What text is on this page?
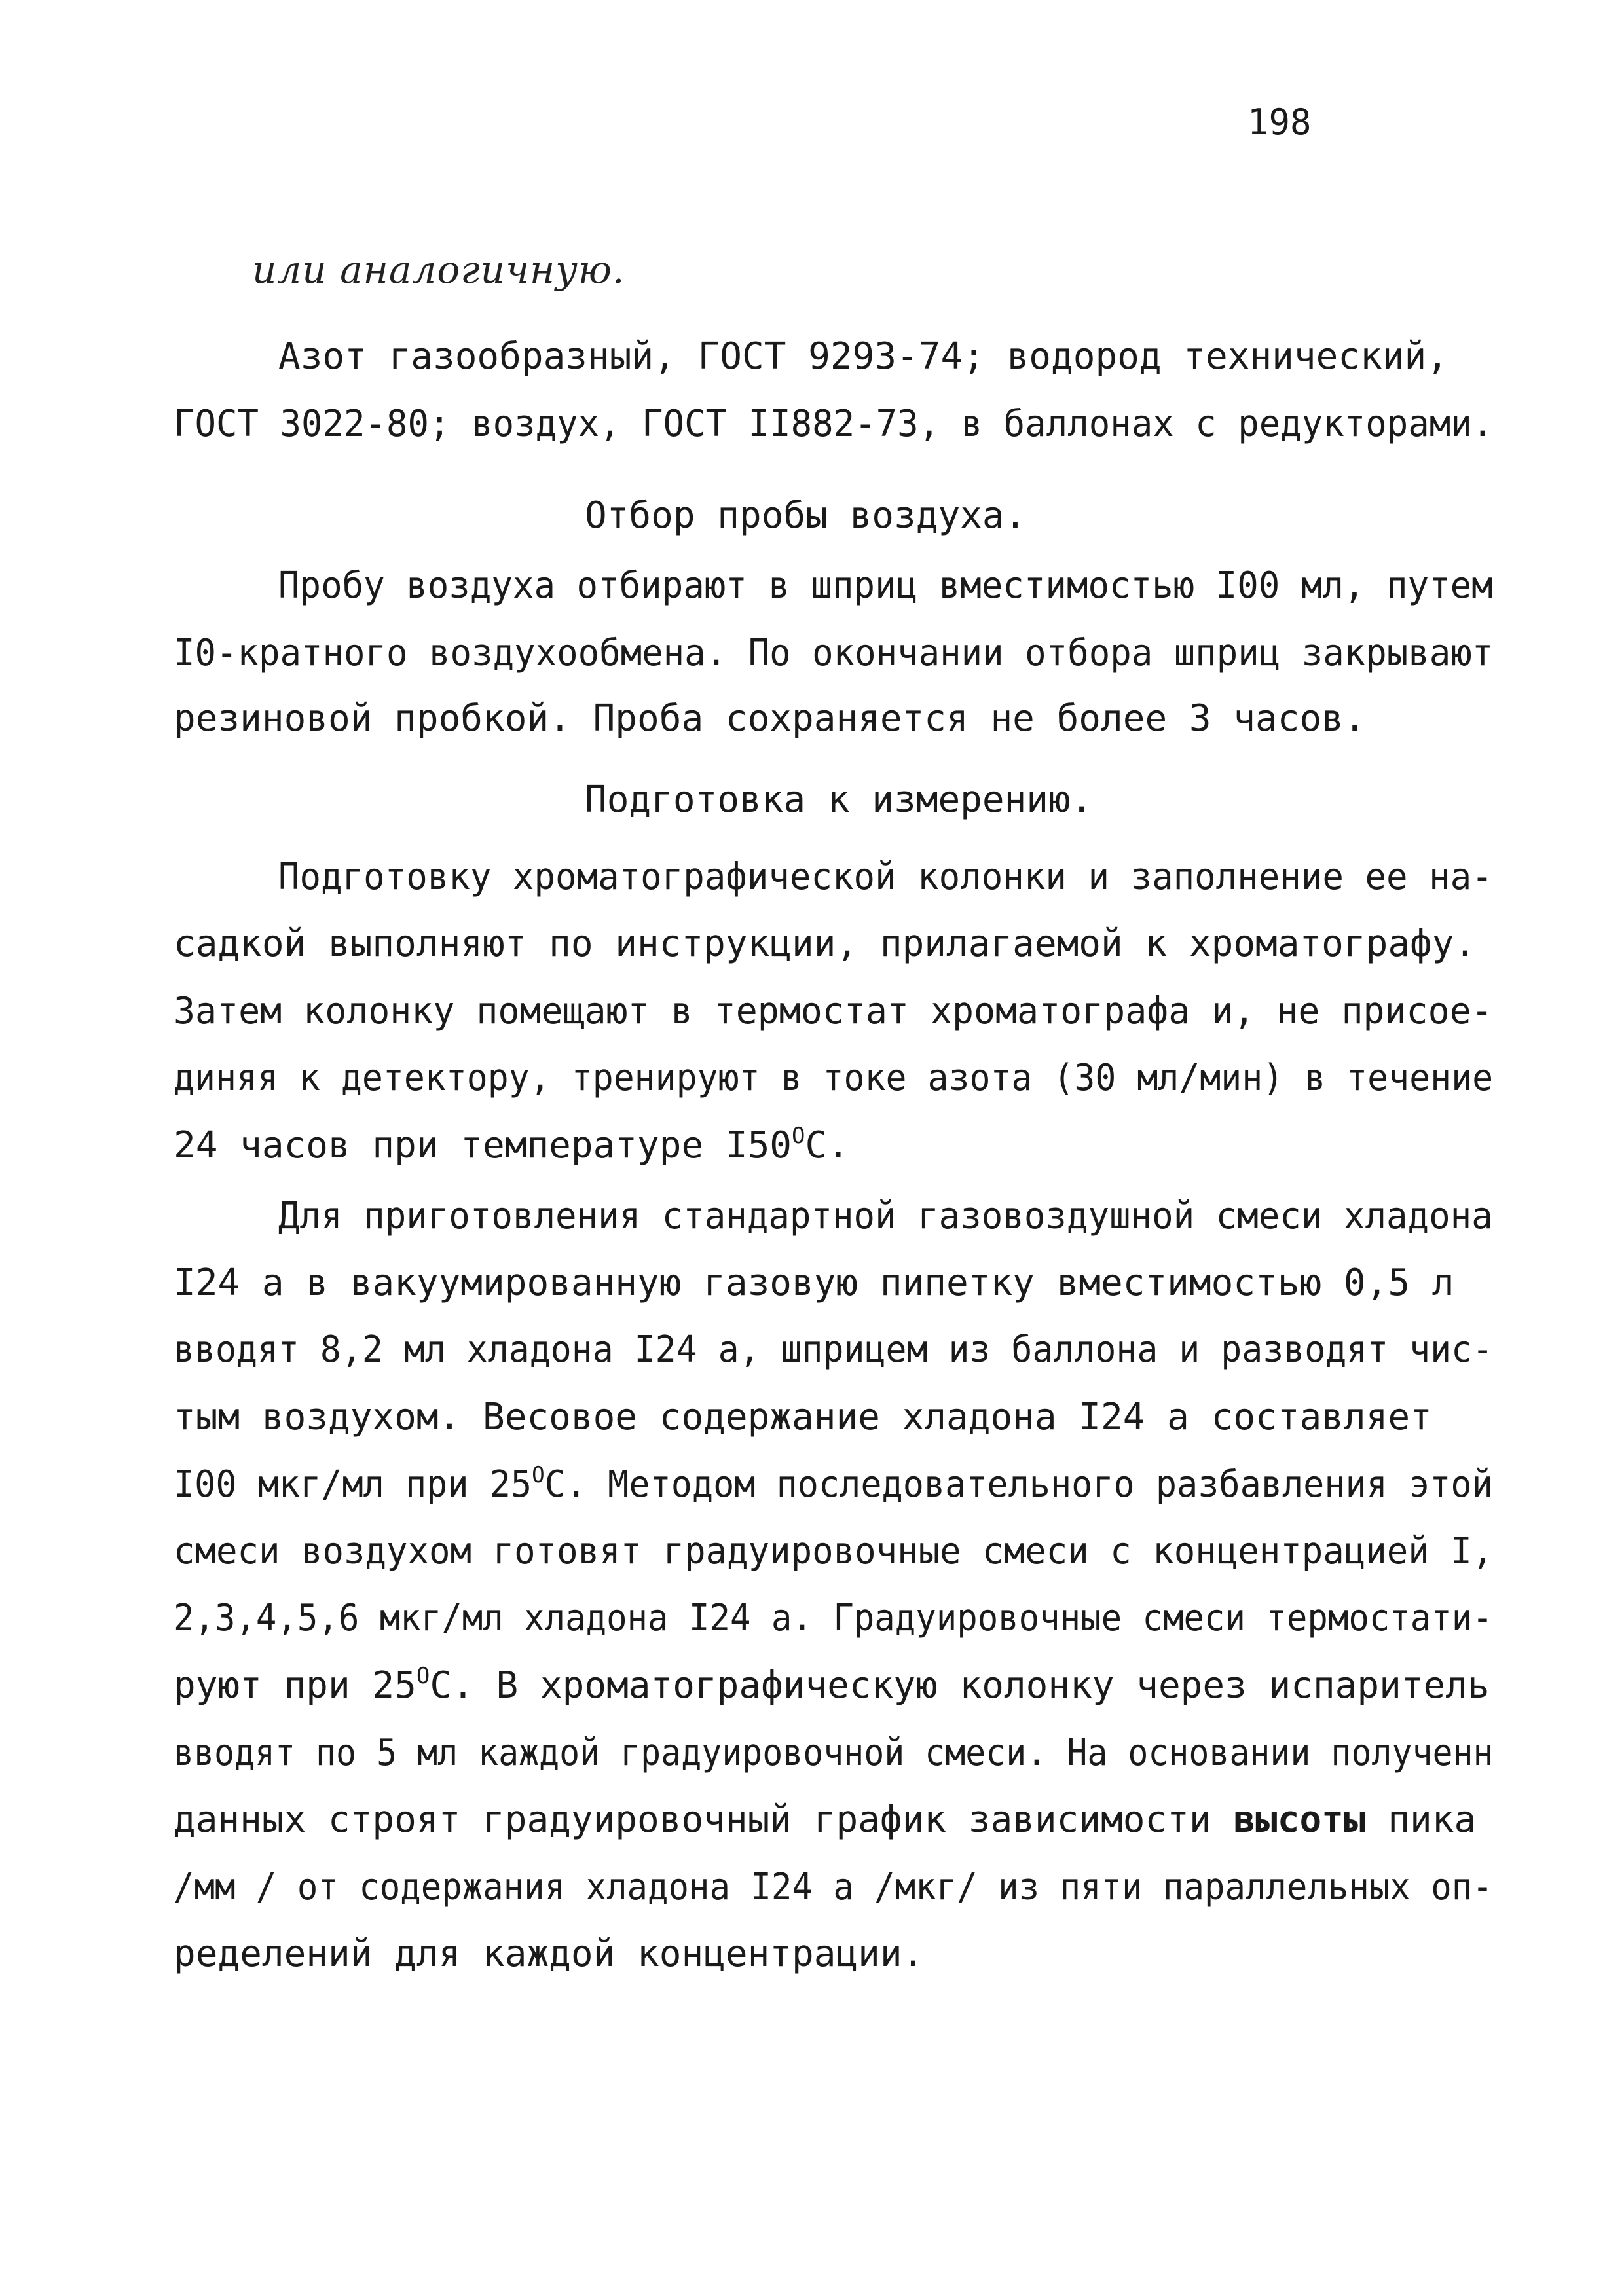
198
или аналогичную.
Азот газообразный, ГОСТ 9293-74; водород технический,
ГОСТ 3022-80; воздух, ГОСТ II882-73, в баллонах с редукторами.
Отбор пробы воздуха.
Пробу воздуха отбирают в шприц вместимостью I00 мл, путем
I0-кратного воздухообмена. По окончании отбора шприц закрывают
резиновой пробкой. Проба сохраняется не более 3 часов.
Подготовка к измерению.
Подготовку хроматографической колонки и заполнение ее на-
садкой выполняют по инструкции, прилагаемой к хроматографу.
Затем колонку помещают в термостат хроматографа и, не присое-
диняя к детектору, тренируют в токе азота (30 мл/мин) в течение
24 часов при температуре $I50^OC$.
Для приготовления стандартной газовоздушной смеси хладона
I24 а в вакуумированную газовую пипетку вместимостью 0,5 л
вводят 8,2 мл хладона I24 а, шприцем из баллона и разводят чис-
тым воздухом. Весовое содержание хладона I24 а составляет
I00 мкг/мл при $25^OC$. Методом последовательного разбавления этой
смеси воздухом готовят градуировочные смеси с концентрацией I,
2,3,4,5,6 мкг/мл хладона I24 а. Градуировочные смеси термостати-
руют при $25^OC$. В хроматографическую колонку через испаритель
вводят по 5 мл каждой градуировочной смеси. На основании полученн
данных строят градуировочный график зависимости высоты пика
/мм / от содержания хладона I24 а /мкг/ из пяти параллельных оп-
ределений для каждой концентрации.
